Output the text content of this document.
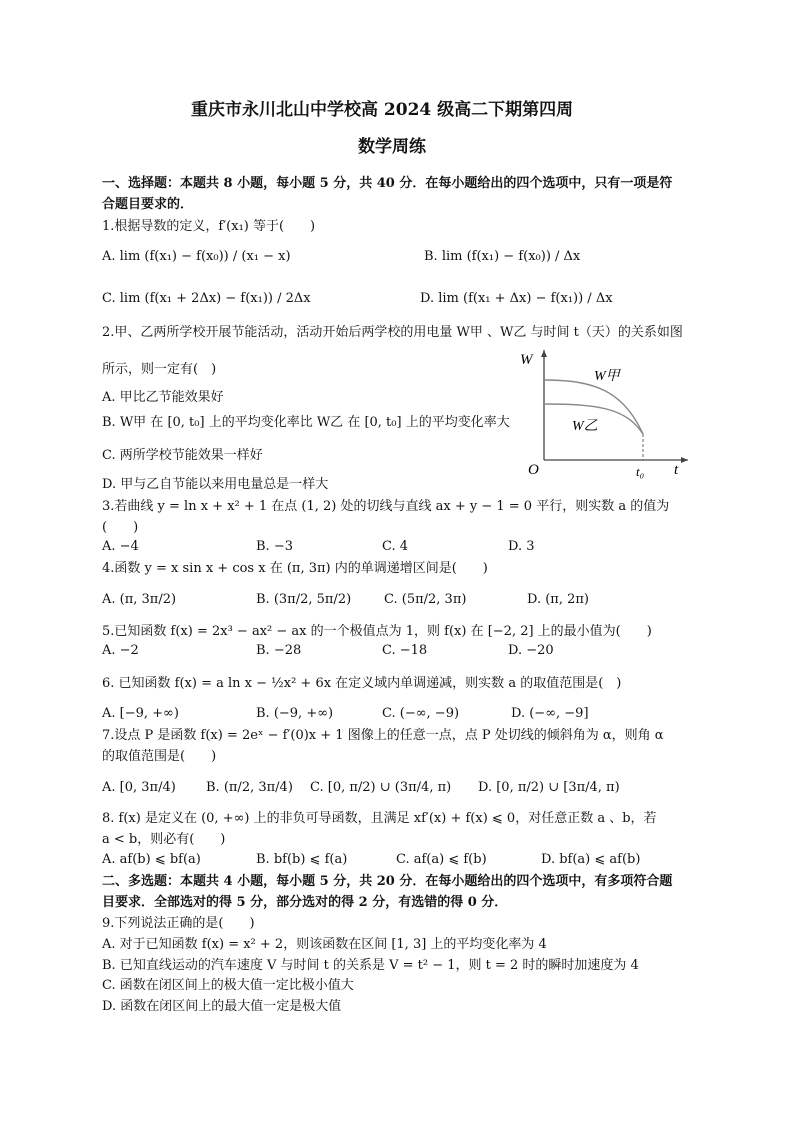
重庆市永川北山中学校高 2024 级高二下期第四周
数学周练
一、选择题：本题共 8 小题，每小题 5 分，共 40 分．在每小题给出的四个选项中，只有一项是符
合题目要求的．
1.根据导数的定义，f′(x₁) 等于(　　)
A. lim (f(x₁) − f(x₀)) / (x₁ − x)	B. lim (f(x₁) − f(x₀)) / Δx
C. lim (f(x₁ + 2Δx) − f(x₁)) / 2Δx	D. lim (f(x₁ + Δx) − f(x₁)) / Δx
2.甲、乙两所学校开展节能活动，活动开始后两学校的用电量 W甲 、W乙 与时间 t（天）的关系如图
所示，则一定有(　)
A. 甲比乙节能效果好
B. W甲 在 [0, t₀] 上的平均变化率比 W乙 在 [0, t₀] 上的平均变化率大
C. 两所学校节能效果一样好
D. 甲与乙自节能以来用电量总是一样大
W
O	t
t₀
W甲
W乙
3.若曲线 y = ln x + x² + 1 在点 (1, 2) 处的切线与直线 ax + y − 1 = 0 平行，则实数 a 的值为
(　　)
A. −4	B. −3	C. 4	D. 3
4.函数 y = x sin x + cos x 在 (π, 3π) 内的单调递增区间是(　　)
A. (π, 3π/2)	B. (3π/2, 5π/2)	C. (5π/2, 3π)	D. (π, 2π)
5.已知函数 f(x) = 2x³ − ax² − ax 的一个极值点为 1，则 f(x) 在 [−2, 2] 上的最小值为(　　)
A. −2	B. −28	C. −18	D. −20
6. 已知函数 f(x) = a ln x − ½x² + 6x 在定义域内单调递减，则实数 a 的取值范围是(　)
A. [−9, +∞)	B. (−9, +∞)	C. (−∞, −9)	D. (−∞, −9]
7.设点 P 是函数 f(x) = 2eˣ − f′(0)x + 1 图像上的任意一点，点 P 处切线的倾斜角为 α，则角 α
的取值范围是(　　)
A. [0, 3π/4) B. (π/2, 3π/4) C. [0, π/2) ∪ (3π/4, π) D. [0, π/2) ∪ [3π/4, π)
8. f(x) 是定义在 (0, +∞) 上的非负可导函数，且满足 xf′(x) + f(x) ⩽ 0，对任意正数 a 、b，若
a < b，则必有(　　)
A. af(b) ⩽ bf(a)	B. bf(b) ⩽ f(a)	C. af(a) ⩽ f(b)	D. bf(a) ⩽ af(b)
二、多选题：本题共 4 小题，每小题 5 分，共 20 分．在每小题给出的四个选项中，有多项符合题
目要求．全部选对的得 5 分，部分选对的得 2 分，有选错的得 0 分．
9.下列说法正确的是(　　)
A. 对于已知函数 f(x) = x² + 2，则该函数在区间 [1, 3] 上的平均变化率为 4
B. 已知直线运动的汽车速度 V 与时间 t 的关系是 V = t² − 1，则 t = 2 时的瞬时加速度为 4
C. 函数在闭区间上的极大值一定比极小值大
D. 函数在闭区间上的最大值一定是极大值
